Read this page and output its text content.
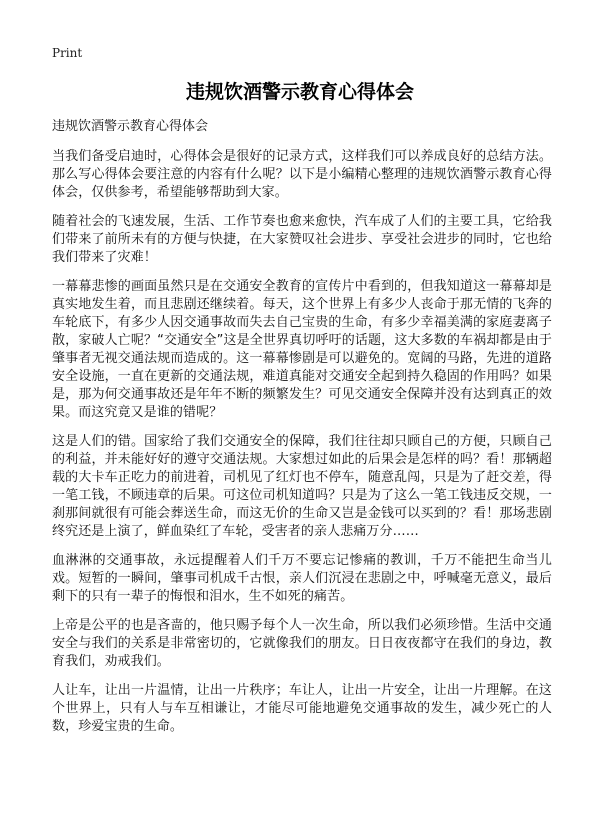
Print
违规饮酒警示教育心得体会

违规饮酒警示教育心得体会

当我们备受启迪时，心得体会是很好的记录方式，这样我们可以养成良好的总结方法。那么写心得体会要注意的内容有什么呢？以下是小编精心整理的违规饮酒警示教育心得体会，仅供参考，希望能够帮助到大家。

随着社会的飞速发展，生活、工作节奏也愈来愈快，汽车成了人们的主要工具，它给我们带来了前所未有的方便与快捷，在大家赞叹社会进步、享受社会进步的同时，它也给我们带来了灾难！

一幕幕悲惨的画面虽然只是在交通安全教育的宣传片中看到的，但我知道这一幕幕却是真实地发生着，而且悲剧还继续着。每天，这个世界上有多少人丧命于那无情的飞奔的车轮底下，有多少人因交通事故而失去自己宝贵的生命，有多少幸福美满的家庭妻离子散，家破人亡呢？“交通安全”这是全世界真切呼吁的话题，这大多数的车祸却都是由于肇事者无视交通法规而造成的。这一幕幕惨剧是可以避免的。宽阔的马路，先进的道路安全设施，一直在更新的交通法规，难道真能对交通安全起到持久稳固的作用吗？如果是，那为何交通事故还是年年不断的频繁发生？可见交通安全保障并没有达到真正的效果。而这究竟又是谁的错呢？

这是人们的错。国家给了我们交通安全的保障，我们往往却只顾自己的方便，只顾自己的利益，并未能好好的遵守交通法规。大家想过如此的后果会是怎样的吗？看！那辆超载的大卡车正吃力的前进着，司机见了红灯也不停车，随意乱闯，只是为了赶交差，得一笔工钱，不顾违章的后果。可这位司机知道吗？只是为了这么一笔工钱违反交规，一刹那间就很有可能会葬送生命，而这无价的生命又岂是金钱可以买到的？看！那场悲剧终究还是上演了，鲜血染红了车轮，受害者的亲人悲痛万分……

血淋淋的交通事故，永远提醒着人们千万不要忘记惨痛的教训，千万不能把生命当儿戏。短暂的一瞬间，肇事司机成千古恨，亲人们沉浸在悲剧之中，呼喊毫无意义，最后剩下的只有一辈子的悔恨和泪水，生不如死的痛苦。

上帝是公平的也是吝啬的，他只赐予每个人一次生命，所以我们必须珍惜。生活中交通安全与我们的关系是非常密切的，它就像我们的朋友。日日夜夜都守在我们的身边，教育我们，劝戒我们。

人让车，让出一片温情，让出一片秩序；车让人，让出一片安全，让出一片理解。在这个世界上，只有人与车互相谦让，才能尽可能地避免交通事故的发生，减少死亡的人数，珍爱宝贵的生命。
